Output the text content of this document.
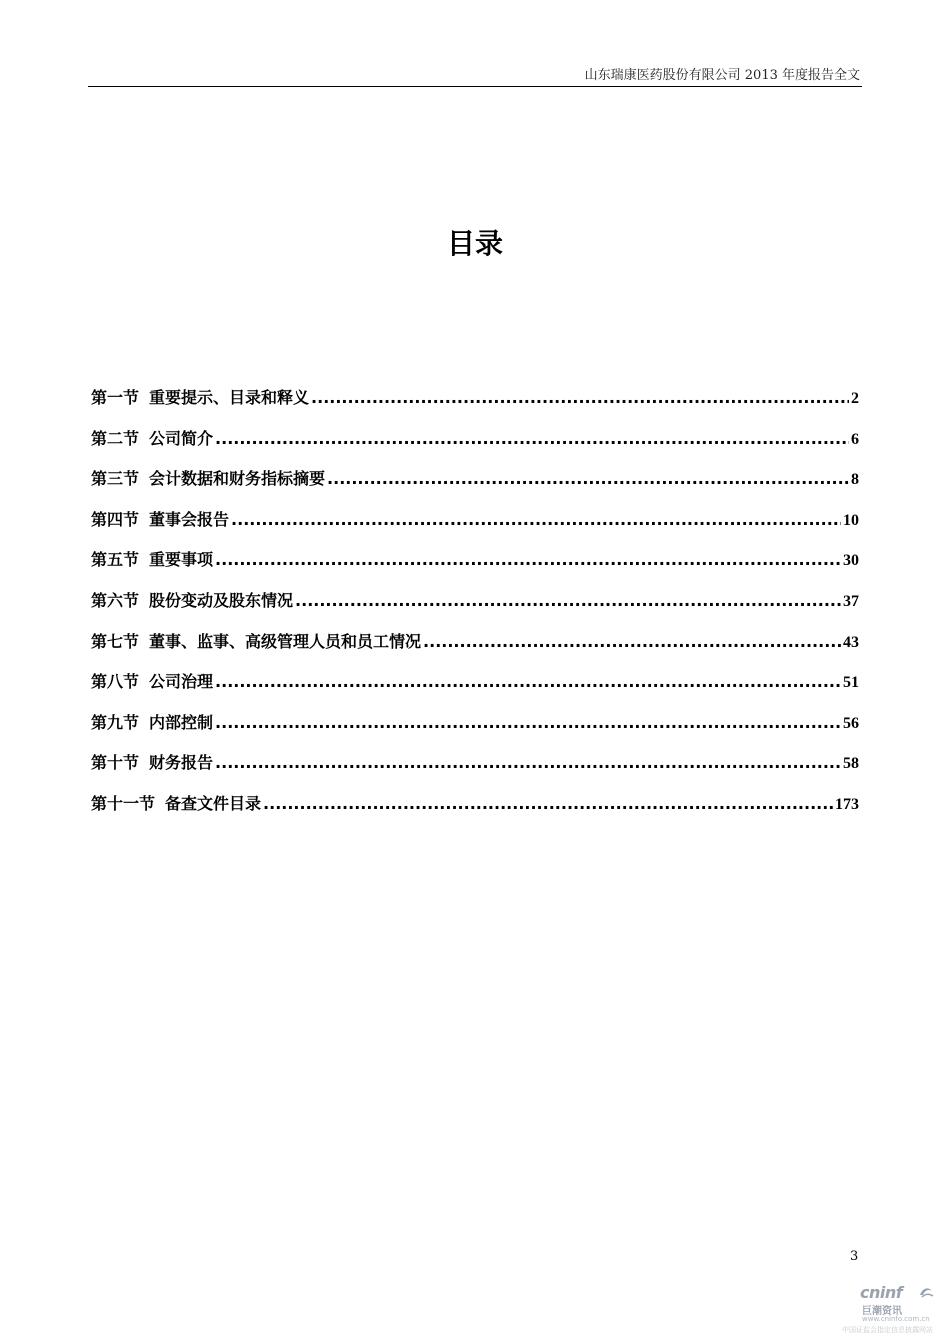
山东瑞康医药股份有限公司 2013 年度报告全文
目录
第一节 重要提示、目录和释义 .....	2
第二节 公司简介 .....	6
第三节 会计数据和财务指标摘要 .....	8
第四节 董事会报告 .....	10
第五节 重要事项 .....	30
第六节 股份变动及股东情况 .....	37
第七节 董事、监事、高级管理人员和员工情况 .....	43
第八节 公司治理 .....	51
第九节 内部控制 .....	56
第十节 财务报告 .....	58
第十一节 备查文件目录 .....	173
3
cninf
巨潮资讯
www.cninfo.com.cn
中国证监会指定信息披露网站
